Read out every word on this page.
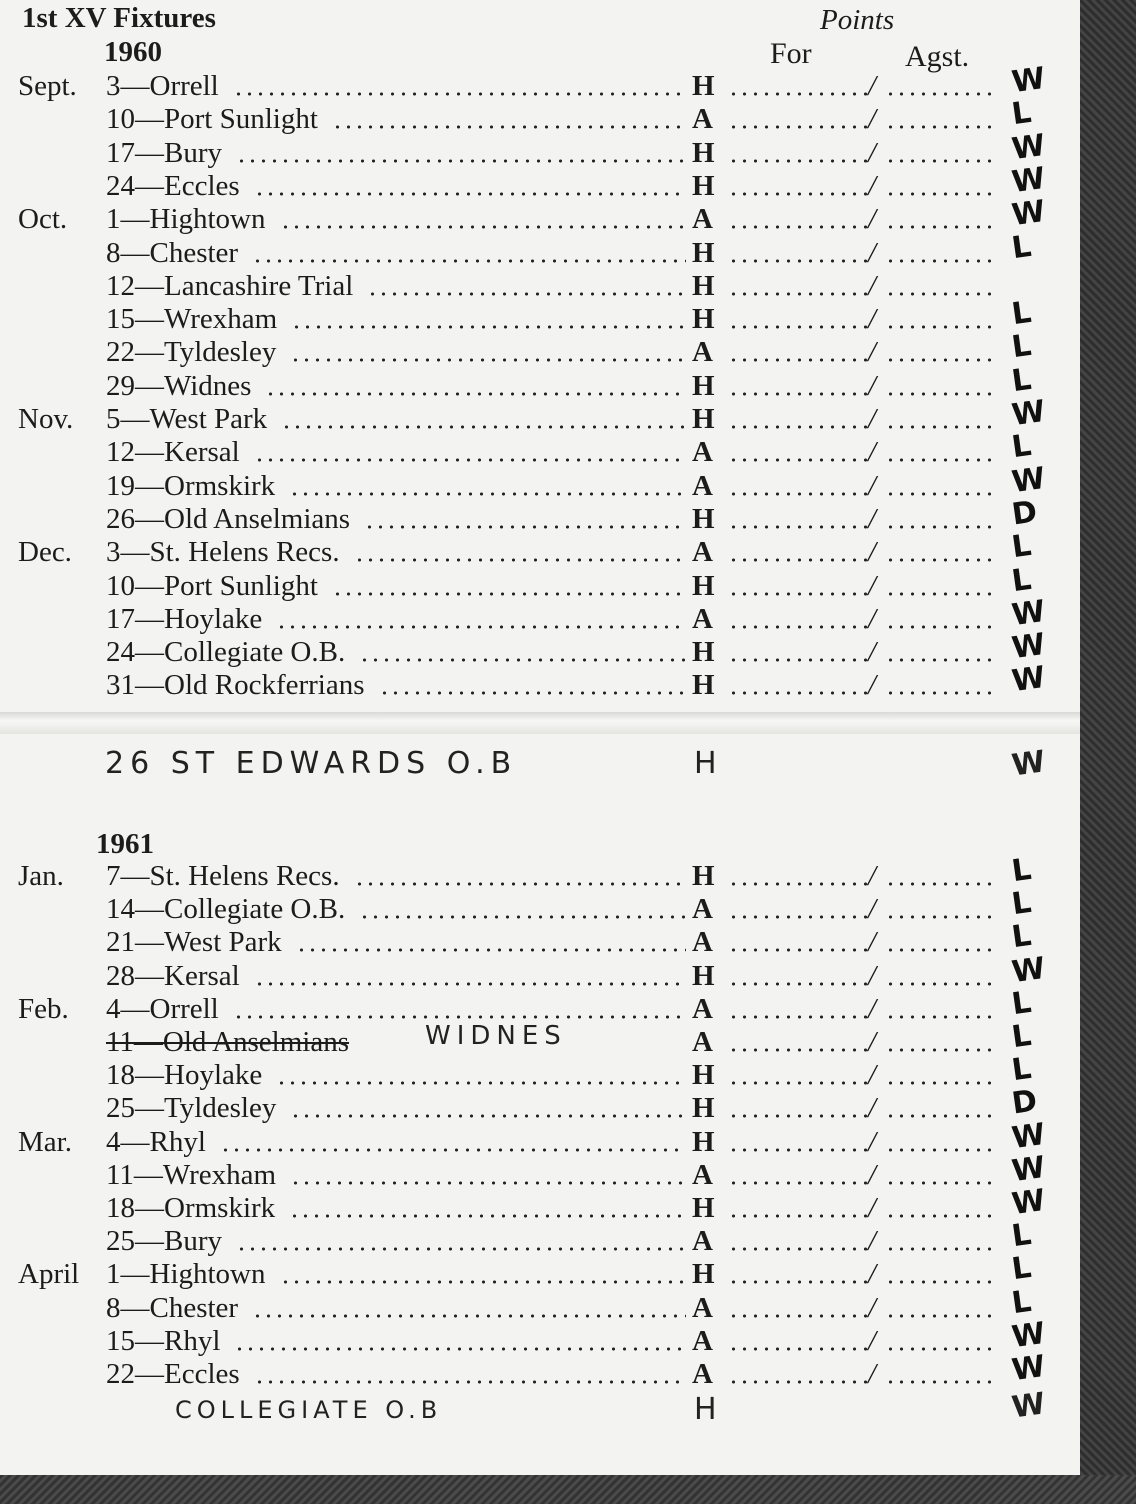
1st XV Fixtures	Points
For	Agst.
1960
Sept. 3—Orrell	H	/	W
10—Port Sunlight	A	/	L
17—Bury	H	/	W
24—Eccles	H	/	W
Oct. 1—Hightown	A	/	W
8—Chester	H	/	L
12—Lancashire Trial	H	/
15—Wrexham	H	/	L
22—Tyldesley	A	/	L
29—Widnes	H	/	L
Nov. 5—West Park	H	/	W
12—Kersal	A	/	L
19—Ormskirk	A	/	W
26—Old Anselmians	H	/	D
Dec. 3—St. Helens Recs.	A	/	L
10—Port Sunlight	H	/	L
17—Hoylake	A	/	W
24—Collegiate O.B.	H	/	W
31—Old Rockferrians	H	/	W
26 ST EDWARDS O.B	H	W
1961
Jan. 7—St. Helens Recs.	H	/	L
14—Collegiate O.B.	A	/	L
21—West Park	A	/	L
28—Kersal	H	/	W
Feb. 4—Orrell	A	/	L
11—Old Anselmians	WIDNES	A	/	L
18—Hoylake	H	/	L
25—Tyldesley	H	/	D
Mar. 4—Rhyl	H	/	W
11—Wrexham	A	/	W
18—Ormskirk	H	/	W
25—Bury	A	/	L
April 1—Hightown	H	/	L
8—Chester	A	/	L
15—Rhyl	A	/	W
22—Eccles	A	/	W
COLLEGIATE O.B	H	W
